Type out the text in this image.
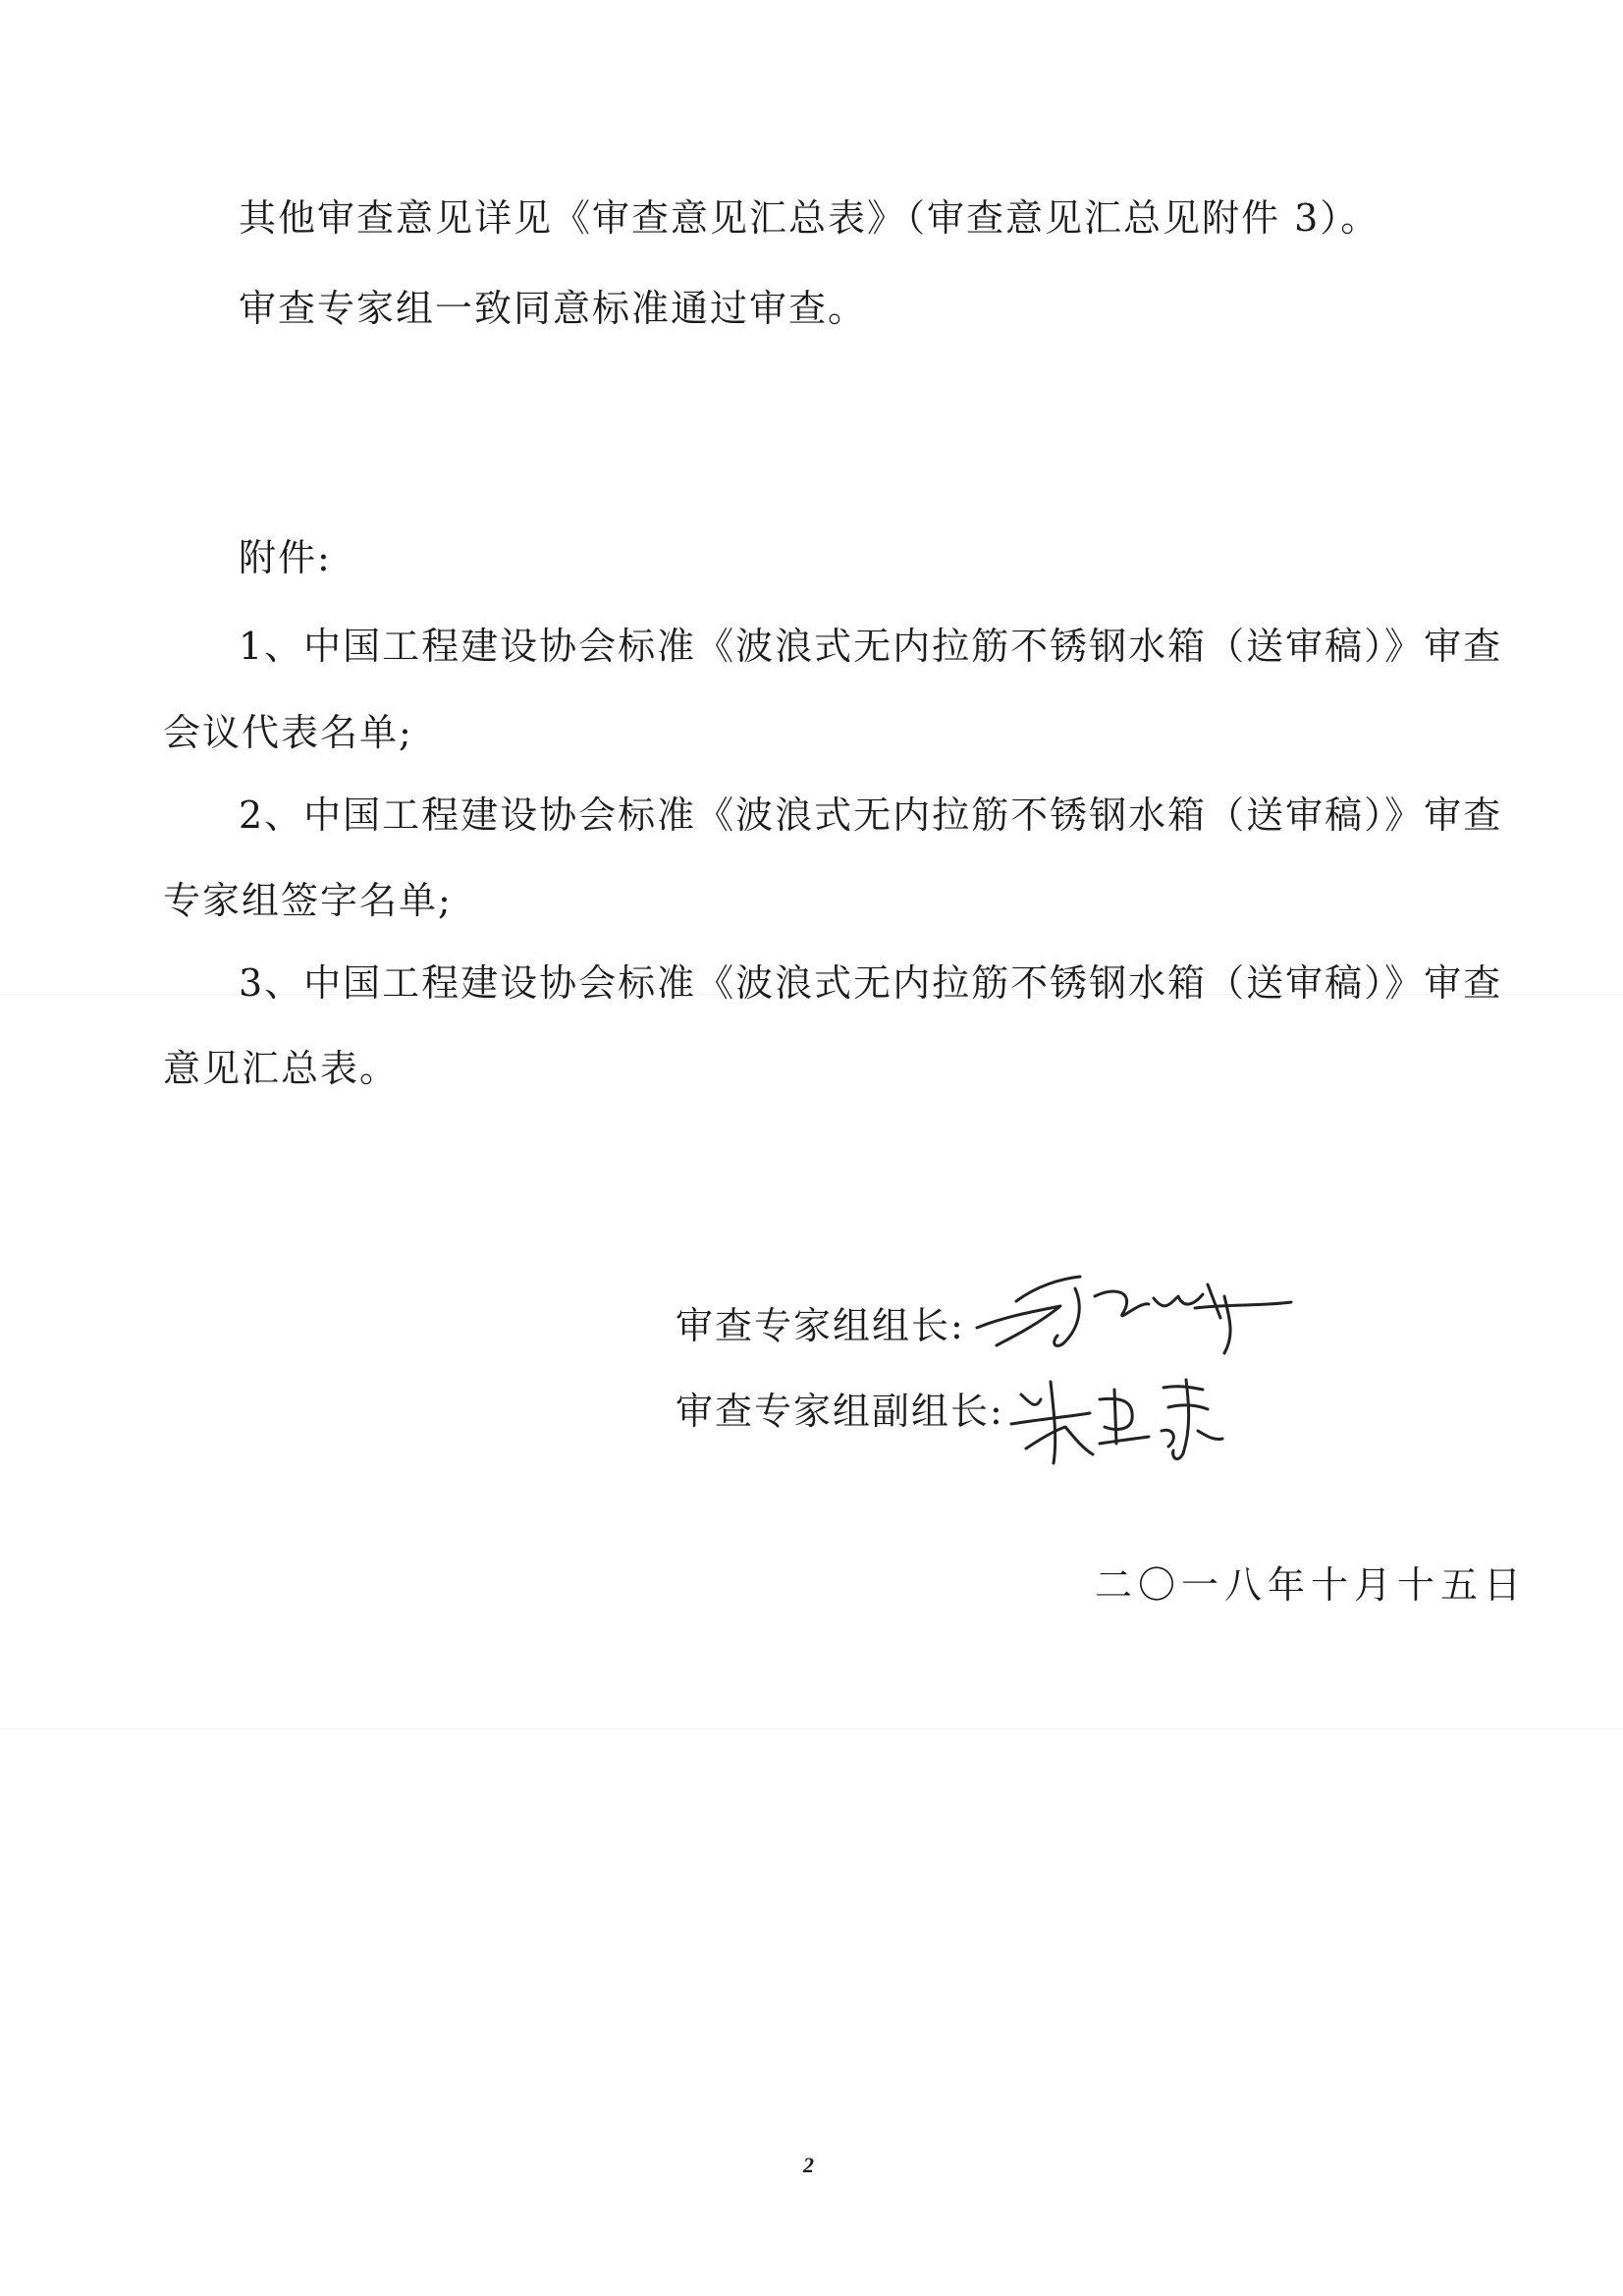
其他审查意见详见《审查意见汇总表》（审查意见汇总见附件 3）。
审查专家组一致同意标准通过审查。
附件:
1、中国工程建设协会标准《波浪式无内拉筋不锈钢水箱（送审稿）》审查
会议代表名单;
2、中国工程建设协会标准《波浪式无内拉筋不锈钢水箱（送审稿）》审查
专家组签字名单;
3、中国工程建设协会标准《波浪式无内拉筋不锈钢水箱（送审稿）》审查
意见汇总表。
审查专家组组长:
审查专家组副组长:
二〇一八年十月十五日
2
